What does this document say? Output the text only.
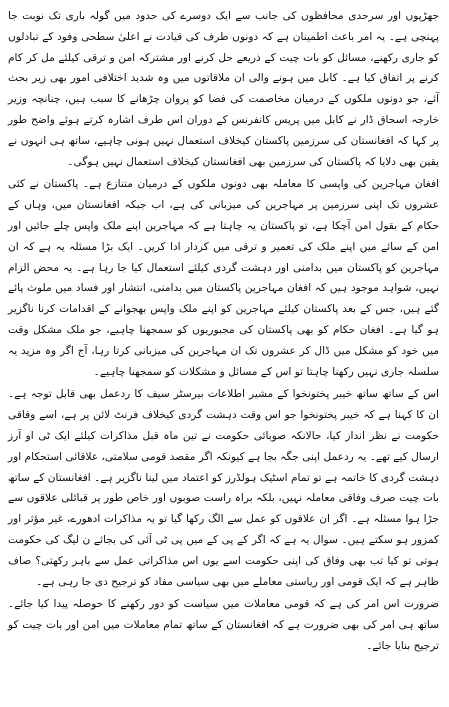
جھڑپوں اور سرحدی محافظوں کی جانب سے ایک دوسرے کی حدود میں گولہ باری تک نوبت جا پہنچی ہے۔ یہ امر باعث اطمینان ہے کہ دونوں طرف کی قیادت نے اعلیٰ سطحی وفود کے تبادلوں کو جاری رکھنے، مسائل کو بات چیت کے ذریعے حل کرنے اور مشترکہ امن و ترقی کیلئے مل کر کام کرنے پر اتفاق کیا ہے۔ کابل میں ہونے والی ان ملاقاتوں میں وہ شدید اختلافی امور بھی زیر بحث آئے، جو دونوں ملکوں کے درمیان مخاصمت کی فضا کو پروان چڑھانے کا سبب ہیں، چنانچہ وزیر خارجہ اسحاق ڈار نے کابل میں پریس کانفرنس کے دوران اس طرف اشارہ کرتے ہوئے واضح طور پر کہا کہ افغانستان کی سرزمین پاکستان کیخلاف استعمال نہیں ہونی چاہیے، ساتھ ہی انہوں نے یقین بھی دلایا کہ پاکستان کی سرزمین بھی افغانستان کیخلاف استعمال نہیں ہوگی۔

افغان مہاجرین کی واپسی کا معاملہ بھی دونوں ملکوں کے درمیان متنازع ہے۔ پاکستان نے کئی عشروں تک اپنی سرزمین پر مہاجرین کی میزبانی کی ہے، اب جبکہ افغانستان میں، وہاں کے حکام کے بقول امن آچکا ہے، تو پاکستان یہ چاہتا ہے کہ مہاجرین اپنے ملک واپس چلے جائیں اور امن کے سائے میں اپنے ملک کی تعمیر و ترقی میں کردار ادا کریں۔ ایک بڑا مسئلہ یہ ہے کہ ان مہاجرین کو پاکستان میں بدامنی اور دہشت گردی کیلئے استعمال کیا جا رہا ہے۔ یہ محض الزام نہیں، شواہد موجود ہیں کہ افغان مہاجرین پاکستان میں بدامنی، انتشار اور فساد میں ملوث پائے گئے ہیں، جس کے بعد پاکستان کیلئے مہاجرین کو اپنے ملک واپس بھجوانے کے اقدامات کرنا ناگزیر ہو گیا ہے۔ افغان حکام کو بھی پاکستان کی مجبوریوں کو سمجھنا چاہیے، جو ملک مشکل وقت میں خود کو مشکل میں ڈال کر عشروں تک ان مہاجرین کی میزبانی کرتا رہا، آج اگر وہ مزید یہ سلسلہ جاری نہیں رکھنا چاہتا تو اس کے مسائل و مشکلات کو سمجھنا چاہیے۔

اس کے ساتھ ساتھ خیبر پختونخوا کے مشیر اطلاعات بیرسٹر سیف کا ردعمل بھی قابل توجہ ہے۔ ان کا کہنا ہے کہ خیبر پختونخوا جو اس وقت دہشت گردی کیخلاف فرنٹ لائن پر ہے، اسے وفاقی حکومت نے نظر انداز کیا، حالانکہ صوبائی حکومت نے تین ماہ قبل مذاکرات کیلئے ایک ٹی او آرز ارسال کیے تھے۔ یہ ردعمل اپنی جگہ بجا ہے کیونکہ اگر مقصد قومی سلامتی، علاقائی استحکام اور دہشت گردی کا خاتمہ ہے تو تمام اسٹیک ہولڈرز کو اعتماد میں لینا ناگزیر ہے۔ افغانستان کے ساتھ بات چیت صرف وفاقی معاملہ نہیں، بلکہ براہ راست صوبوں اور خاص طور پر قبائلی علاقوں سے جڑا ہوا مسئلہ ہے۔ اگر ان علاقوں کو عمل سے الگ رکھا گیا تو یہ مذاکرات ادھورے، غیر مؤثر اور کمزور ہو سکتے ہیں۔ سوال یہ ہے کہ اگر کے پی کے میں پی ٹی آئی کی بجائے ن لیگ کی حکومت ہوتی تو کیا تب بھی وفاق کی اپنی حکومت اسے یوں اس مذاکراتی عمل سے باہر رکھتی؟ صاف ظاہر ہے کہ ایک قومی اور ریاستی معاملے میں بھی سیاسی مفاد کو ترجیح دی جا رہی ہے۔

ضرورت اس امر کی ہے کہ قومی معاملات میں سیاست کو دور رکھنے کا حوصلہ پیدا کیا جائے۔ ساتھ ہی امر کی بھی ضرورت ہے کہ افغانستان کے ساتھ تمام معاملات میں امن اور بات چیت کو ترجیح بنایا جائے۔
